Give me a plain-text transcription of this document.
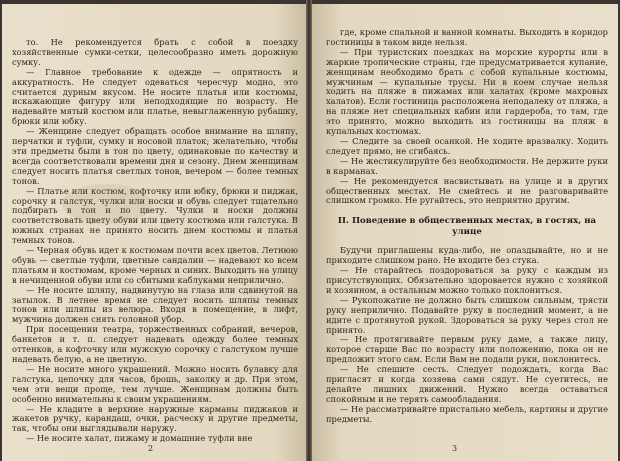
то. Не рекомендуется брать с собой в поездку хозяйственные сумки-сетки, целесообразно иметь дорожную сумку.

— Главное требование к одежде — опрятность и аккуратность. Не следует одеваться чересчур модно, это считается дурным вкусом. Не носите платья или костюмы, искажающие фигуру или неподходящие по возрасту. Не надевайте мятый костюм или платье, невыглаженную рубашку, брюки или юбку.

— Женщине следует обращать особое внимание на шляпу, перчатки и туфли, сумку и носовой платок; желательно, чтобы эти предметы были в тон по цвету, одинаковые по качеству и всегда соответствовали времени дня и сезону. Днем женщинам следует носить платья светлых тонов, вечером — более темных тонов.

— Платье или костюм, кофточку или юбку, брюки и пиджак, сорочку и галстук, чулки или носки и обувь следует тщательно подбирать в тон и по цвету. Чулки и носки должны соответствовать цвету обуви или цвету костюма или галстука. В южных странах не принято носить днем костюмы и платья темных тонов.

— Черная обувь идет к костюмам почти всех цветов. Летнюю обувь — светлые туфли, цветные сандалии — надевают ко всем платьям и костюмам, кроме черных и синих. Выходить на улицу в нечищенной обуви или со сбитыми каблуками неприлично.

— Не носите шляпу, надвинутую на глаза или сдвинутой на затылок. В летнее время не следует носить шляпы темных тонов или шляпы из велюра. Входя в помещение, в лифт, мужчина должен снять головной убор.

При посещении театра, торжественных собраний, вечеров, банкетов и т. п. следует надевать одежду более темных оттенков, а кофточку или мужскую сорочку с галстуком лучше надевать белую, а не цветную.

— Не носите много украшений. Можно носить булавку для галстука, цепочку для часов, брошь, заколку и др. При этом, чем эти вещи проще, тем лучше. Женщинам должны быть особенно внимательны к своим украшениям.

— Не кладите в верхние наружные карманы пиджаков и жакетов ручку, карандаш, очки, расческу и другие предметы, так, чтобы они выглядывали наружу.

— Не носите халат, пижаму и домашние туфли вне

где, кроме спальной и ванной комнаты. Выходить в коридор гостиницы в таком виде нельзя.

— При туристских поездках на морские курорты или в жаркие тропические страны, где предусматривается купание, женщинам необходимо брать с собой купальные костюмы, мужчинам — купальные трусы. Ни в коем случае нельзя ходить на пляже в пижамах или халатах (кроме махровых халатов). Если гостиница расположена неподалеку от пляжа, а на пляже нет специальных кабин или гардероба, то там, где это принято, можно выходить из гостиницы на пляж в купальных костюмах.

— Следите за своей осанкой. Не ходите вразвалку. Ходить следует прямо, не сгибаясь.

— Не жестикулируйте без необходимости. Не держите руки в карманах.

— Не рекомендуется насвистывать на улице и в других общественных местах. Не смейтесь и не разговаривайте слишком громко. Не ругайтесь, это неприятно другим.

II. Поведение в общественных местах, в гостях, на улице

Будучи приглашены куда-либо, не опаздывайте, но и не приходите слишком рано. Не входите без стука.

— Не старайтесь поздороваться за руку с каждым из присутствующих. Обязательно здоровается нужно с хозяйкой и хозяином, а остальным можно только поклониться.

— Рукопожатие не должно быть слишком сильным, трясти руку неприлично. Подавайте руку в последний момент, а не идите с протянутой рукой. Здороваться за руку через стол не принято.

— Не протягивайте первым руку даме, а также лицу, которое старше Вас по возрасту или положению, пока он не предложит этого сам. Если Вам не подали руки, поклонитесь.

— Не спешите сесть. Следует подождать, когда Вас пригласят и когда хозяева сами сядут. Не суетитесь, не делайте лишних движений. Нужно всегда оставаться спокойным и не терять самообладания.

— Не рассматривайте пристально мебель, картины и другие предметы.

2	3
